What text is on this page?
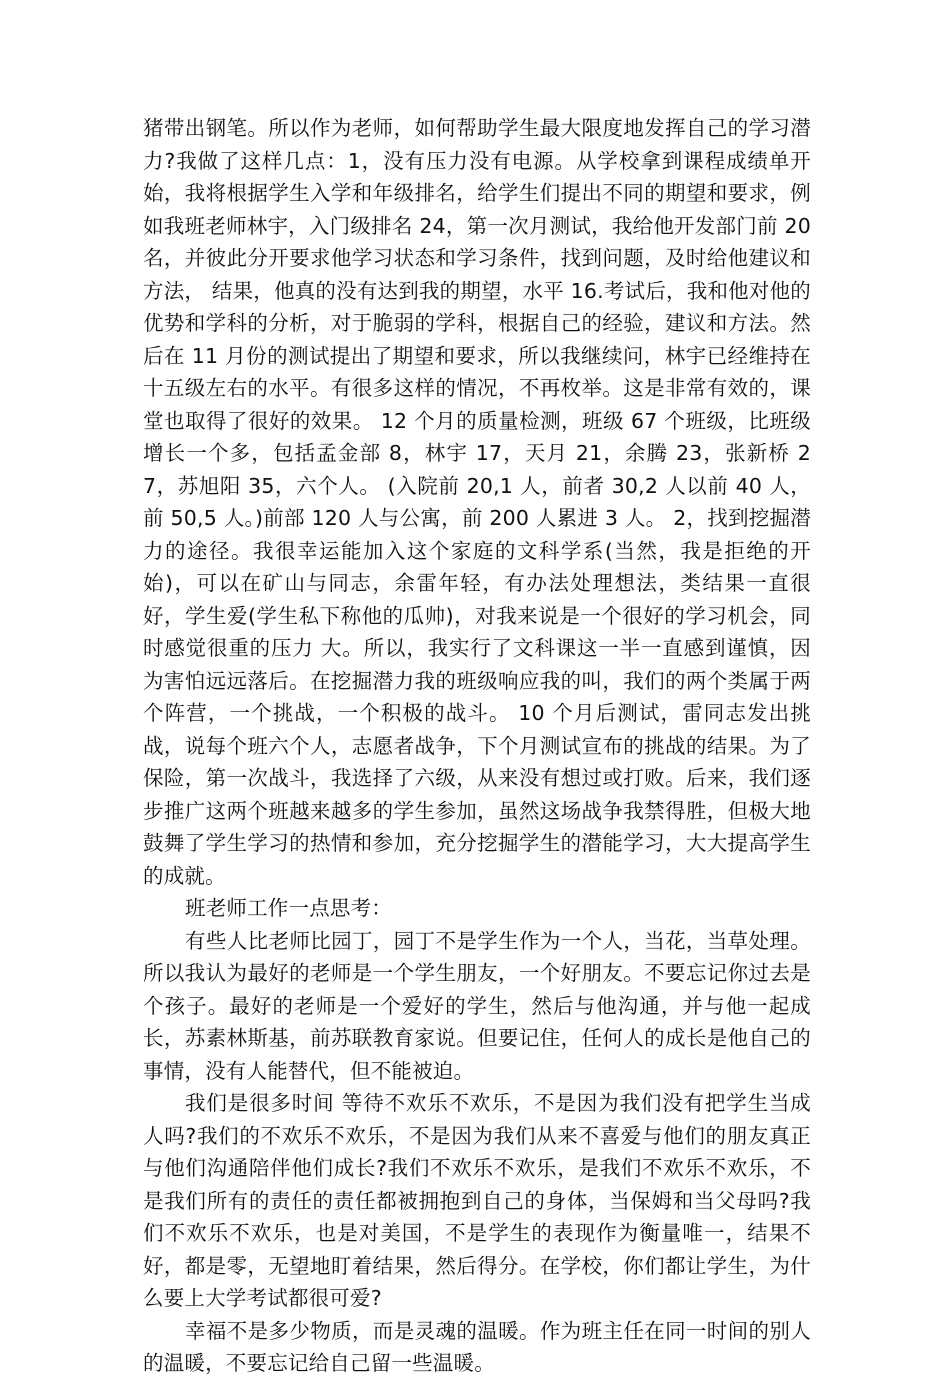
猪带出钢笔。所以作为老师，如何帮助学生最大限度地发挥自己的学习潜力?我做了这样几点：1，没有压力没有电源。从学校拿到课程成绩单开始，我将根据学生入学和年级排名，给学生们提出不同的期望和要求，例如我班老师林宇，入门级排名 24，第一次月测试，我给他开发部门前 20 名，并彼此分开要求他学习状态和学习条件，找到问题，及时给他建议和方法， 结果，他真的没有达到我的期望，水平 16.考试后，我和他对他的优势和学科的分析，对于脆弱的学科，根据自己的经验，建议和方法。然后在 11 月份的测试提出了期望和要求，所以我继续问，林宇已经维持在十五级左右的水平。有很多这样的情况，不再枚举。这是非常有效的，课堂也取得了很好的效果。 12 个月的质量检测，班级 67 个班级，比班级增长一个多，包括孟金部 8，林宇 17，天月 21，余腾 23，张新桥 27，苏旭阳 35，六个人。 (入院前 20,1 人，前者 30,2 人以前 40 人，前 50,5 人。)前部 120 人与公寓，前 200 人累进 3 人。 2，找到挖掘潜力的途径。我很幸运能加入这个家庭的文科学系(当然，我是拒绝的开始)，可以在矿山与同志，余雷年轻，有办法处理想法，类结果一直很好，学生爱(学生私下称他的瓜帅)，对我来说是一个很好的学习机会，同时感觉很重的压力 大。所以，我实行了文科课这一半一直感到谨慎，因为害怕远远落后。在挖掘潜力我的班级响应我的叫，我们的两个类属于两个阵营，一个挑战，一个积极的战斗。 10 个月后测试，雷同志发出挑战，说每个班六个人，志愿者战争，下个月测试宣布的挑战的结果。为了保险，第一次战斗，我选择了六级，从来没有想过或打败。后来，我们逐步推广这两个班越来越多的学生参加，虽然这场战争我禁得胜，但极大地鼓舞了学生学习的热情和参加，充分挖掘学生的潜能学习，大大提高学生的成就。

班老师工作一点思考：

有些人比老师比园丁，园丁不是学生作为一个人，当花，当草处理。所以我认为最好的老师是一个学生朋友，一个好朋友。不要忘记你过去是个孩子。最好的老师是一个爱好的学生，然后与他沟通，并与他一起成长，苏素林斯基，前苏联教育家说。但要记住，任何人的成长是他自己的事情，没有人能替代，但不能被迫。

我们是很多时间 等待不欢乐不欢乐，不是因为我们没有把学生当成人吗?我们的不欢乐不欢乐，不是因为我们从来不喜爱与他们的朋友真正与他们沟通陪伴他们成长?我们不欢乐不欢乐，是我们不欢乐不欢乐，不是我们所有的责任的责任都被拥抱到自己的身体，当保姆和当父母吗?我们不欢乐不欢乐，也是对美国，不是学生的表现作为衡量唯一，结果不好，都是零，无望地盯着结果，然后得分。在学校，你们都让学生，为什么要上大学考试都很可爱?

幸福不是多少物质，而是灵魂的温暖。作为班主任在同一时间的别人的温暖，不要忘记给自己留一些温暖。
